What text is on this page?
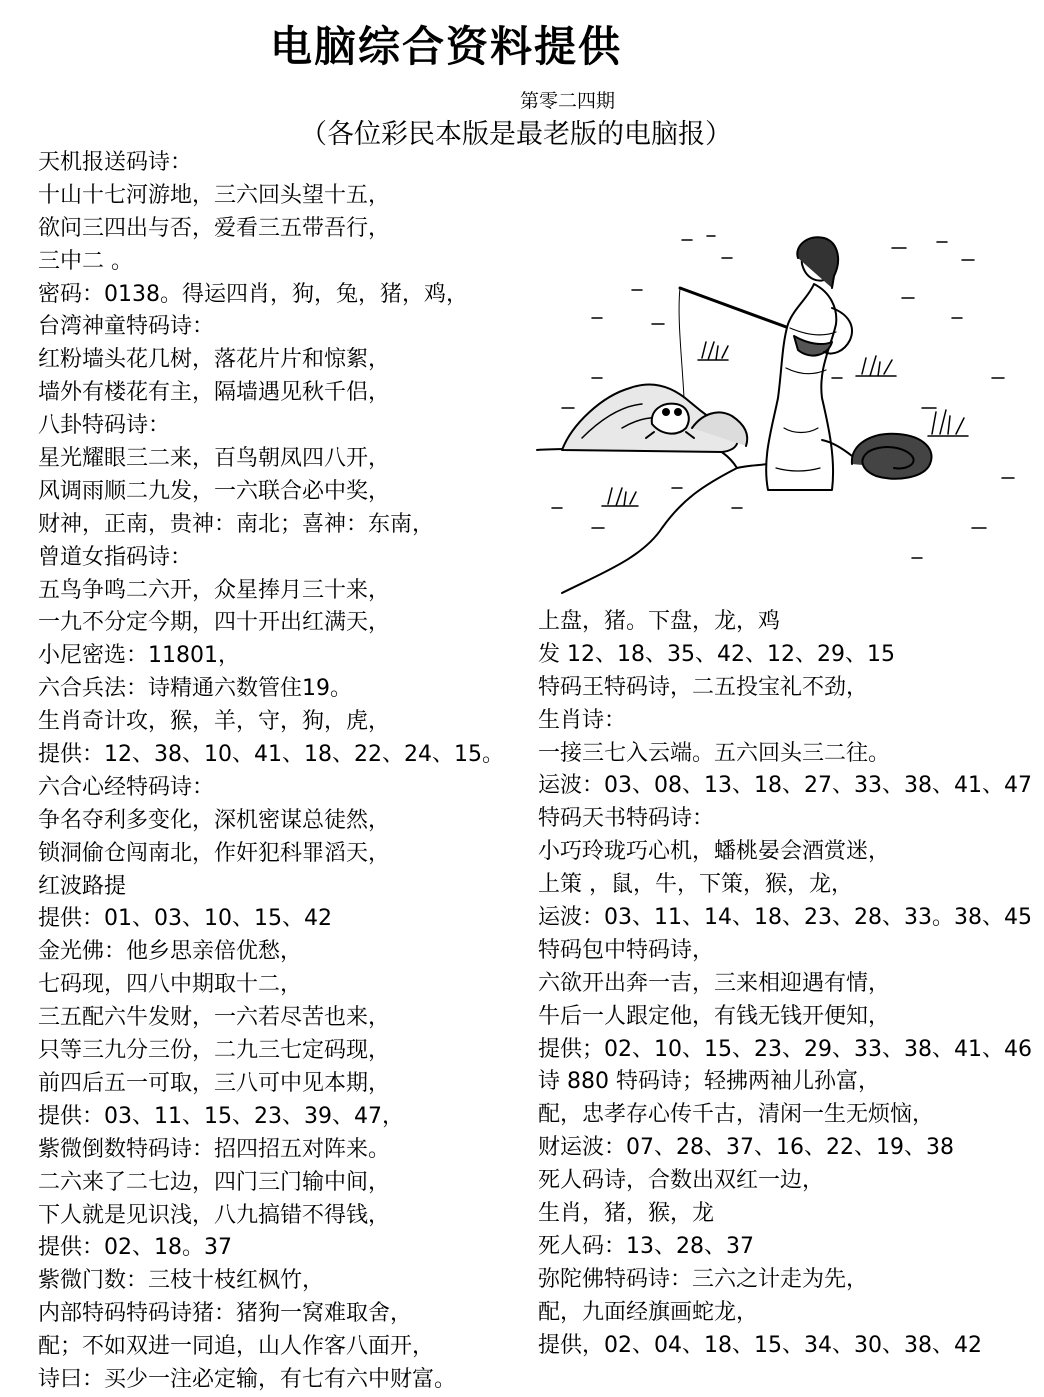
电脑综合资料提供
第零二四期
（各位彩民本版是最老版的电脑报）
天机报送码诗：
十山十七河游地，三六回头望十五，
欲问三四出与否，爱看三五带吾行，
三中二 。
密码：0138。得运四肖，狗，兔，猪，鸡，
台湾神童特码诗：
红粉墙头花几树，落花片片和惊絮，
墙外有楼花有主，隔墙遇见秋千侣，
八卦特码诗：
星光耀眼三二来，百鸟朝凤四八开，
风调雨顺二九发，一六联合必中奖，
财神，正南，贵神：南北；喜神：东南，
曾道女指码诗：
五鸟争鸣二六开，众星捧月三十来，
一九不分定今期，四十开出红满天，
小尼密选：11801，
六合兵法：诗精通六数管住19。
生肖奇计攻，猴，羊，守，狗，虎，
提供：12、38、10、41、18、22、24、15。
六合心经特码诗：
争名夺利多变化，深机密谋总徒然，
锁洞偷仓闯南北，作奸犯科罪滔天，
红波路提
提供：01、03、10、15、42
金光佛：他乡思亲倍优愁，
七码现，四八中期取十二，
三五配六牛发财，一六若尽苦也来，
只等三九分三份，二九三七定码现，
前四后五一可取，三八可中见本期，
提供：03、11、15、23、39、47，
紫微倒数特码诗：招四招五对阵来。
二六来了二七边，四门三门输中间，
下人就是见识浅，八九搞错不得钱，
提供：02、18。37
紫微门数：三枝十枝红枫竹，
内部特码特码诗猪：猪狗一窝难取舍，
配；不如双进一同追，山人作客八面开，
诗曰：买少一注必定输，有七有六中财富。
上盘，猪。下盘，龙，鸡
发 12、18、35、42、12、29、15
特码王特码诗，二五投宝礼不劲，
生肖诗：
一接三七入云端。五六回头三二往。
运波：03、08、13、18、27、33、38、41、47
特码天书特码诗：
小巧玲珑巧心机，蟠桃晏会酒赏迷，
上策 ，鼠，牛，下策，猴，龙，
运波：03、11、14、18、23、28、33。38、45
特码包中特码诗，
六欲开出奔一吉，三来相迎遇有情，
牛后一人跟定他，有钱无钱开便知，
提供；02、10、15、23、29、33、38、41、46
诗 880 特码诗；轻拂两袖儿孙富，
配，忠孝存心传千古，清闲一生无烦恼，
财运波：07、28、37、16、22、19、38
死人码诗，合数出双红一边，
生肖，猪，猴，龙
死人码：13、28、37
弥陀佛特码诗：三六之计走为先，
配，九面经旗画蛇龙，
提供，02、04、18、15、34、30、38、42
